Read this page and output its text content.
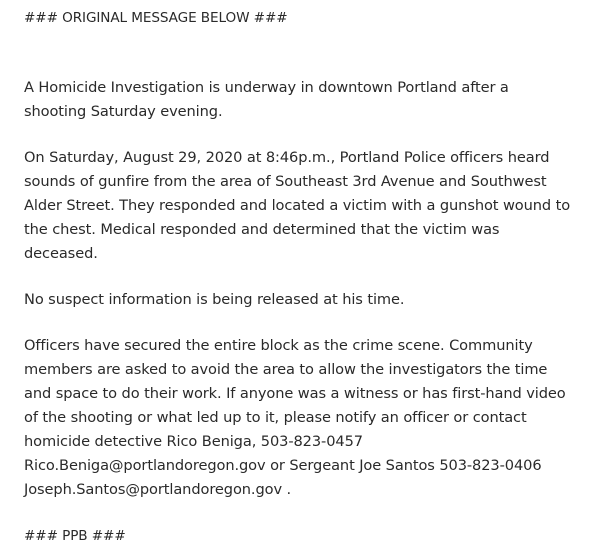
### ORIGINAL MESSAGE BELOW ###
A Homicide Investigation is underway in downtown Portland after a
shooting Saturday evening.
On Saturday, August 29, 2020 at 8:46p.m., Portland Police officers heard
sounds of gunfire from the area of Southeast 3rd Avenue and Southwest
Alder Street. They responded and located a victim with a gunshot wound to
the chest. Medical responded and determined that the victim was
deceased.
No suspect information is being released at his time.
Officers have secured the entire block as the crime scene. Community
members are asked to avoid the area to allow the investigators the time
and space to do their work. If anyone was a witness or has first-hand video
of the shooting or what led up to it, please notify an officer or contact
homicide detective Rico Beniga, 503-823-0457
Rico.Beniga@portlandoregon.gov or Sergeant Joe Santos 503-823-0406
Joseph.Santos@portlandoregon.gov .
### PPB ###
